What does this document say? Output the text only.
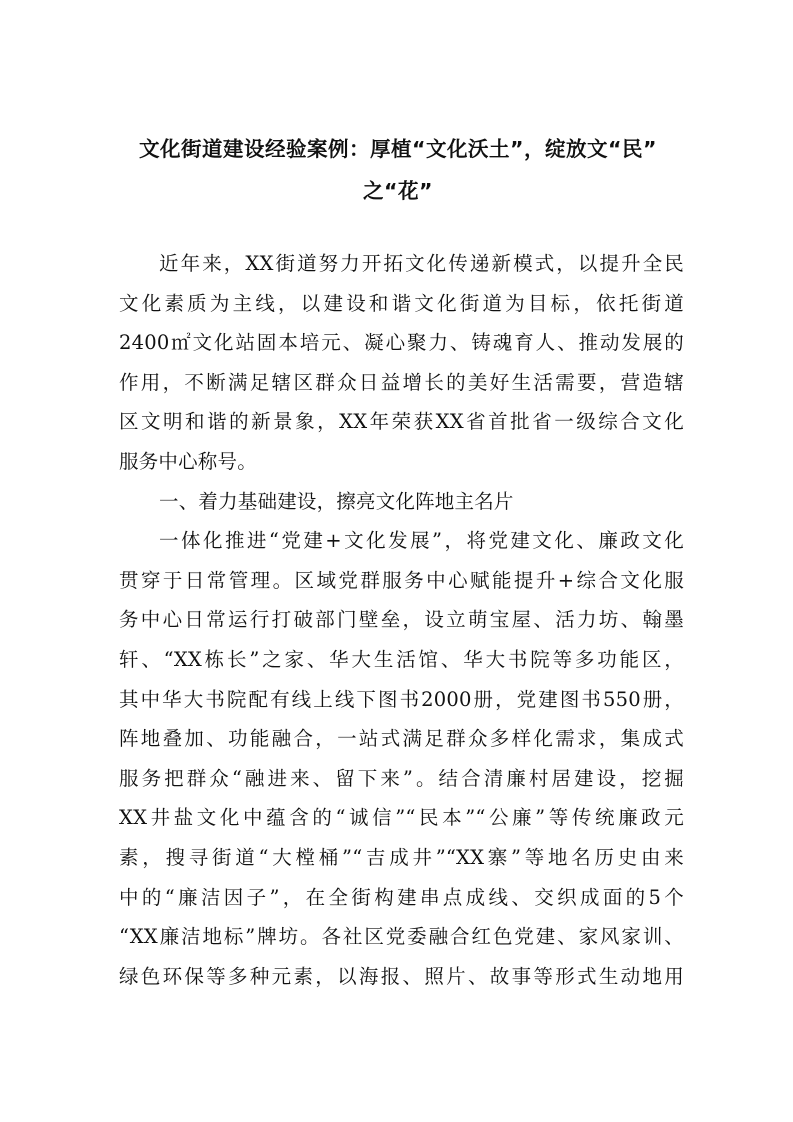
文化街道建设经验案例：厚植“文化沃土”，绽放文“民”
之“花”
近年来，XX街道努力开拓文化传递新模式，以提升全民
文化素质为主线，以建设和谐文化街道为目标，依托街道
2400㎡文化站固本培元、凝心聚力、铸魂育人、推动发展的
作用，不断满足辖区群众日益增长的美好生活需要，营造辖
区文明和谐的新景象，XX年荣获XX省首批省一级综合文化
服务中心称号。
一、着力基础建设，擦亮文化阵地主名片
一体化推进“党建+文化发展”，将党建文化、廉政文化
贯穿于日常管理。区域党群服务中心赋能提升+综合文化服
务中心日常运行打破部门壁垒，设立萌宝屋、活力坊、翰墨
轩、“XX栋长”之家、华大生活馆、华大书院等多功能区，
其中华大书院配有线上线下图书2000册，党建图书550册，
阵地叠加、功能融合，一站式满足群众多样化需求，集成式
服务把群众“融进来、留下来”。结合清廉村居建设，挖掘
XX井盐文化中蕴含的“诚信”“民本”“公廉”等传统廉政元
素，搜寻街道“大樘桶”“吉成井”“XX寨”等地名历史由来
中的“廉洁因子”，在全街构建串点成线、交织成面的5个
“XX廉洁地标”牌坊。各社区党委融合红色党建、家风家训、
绿色环保等多种元素，以海报、照片、故事等形式生动地用
